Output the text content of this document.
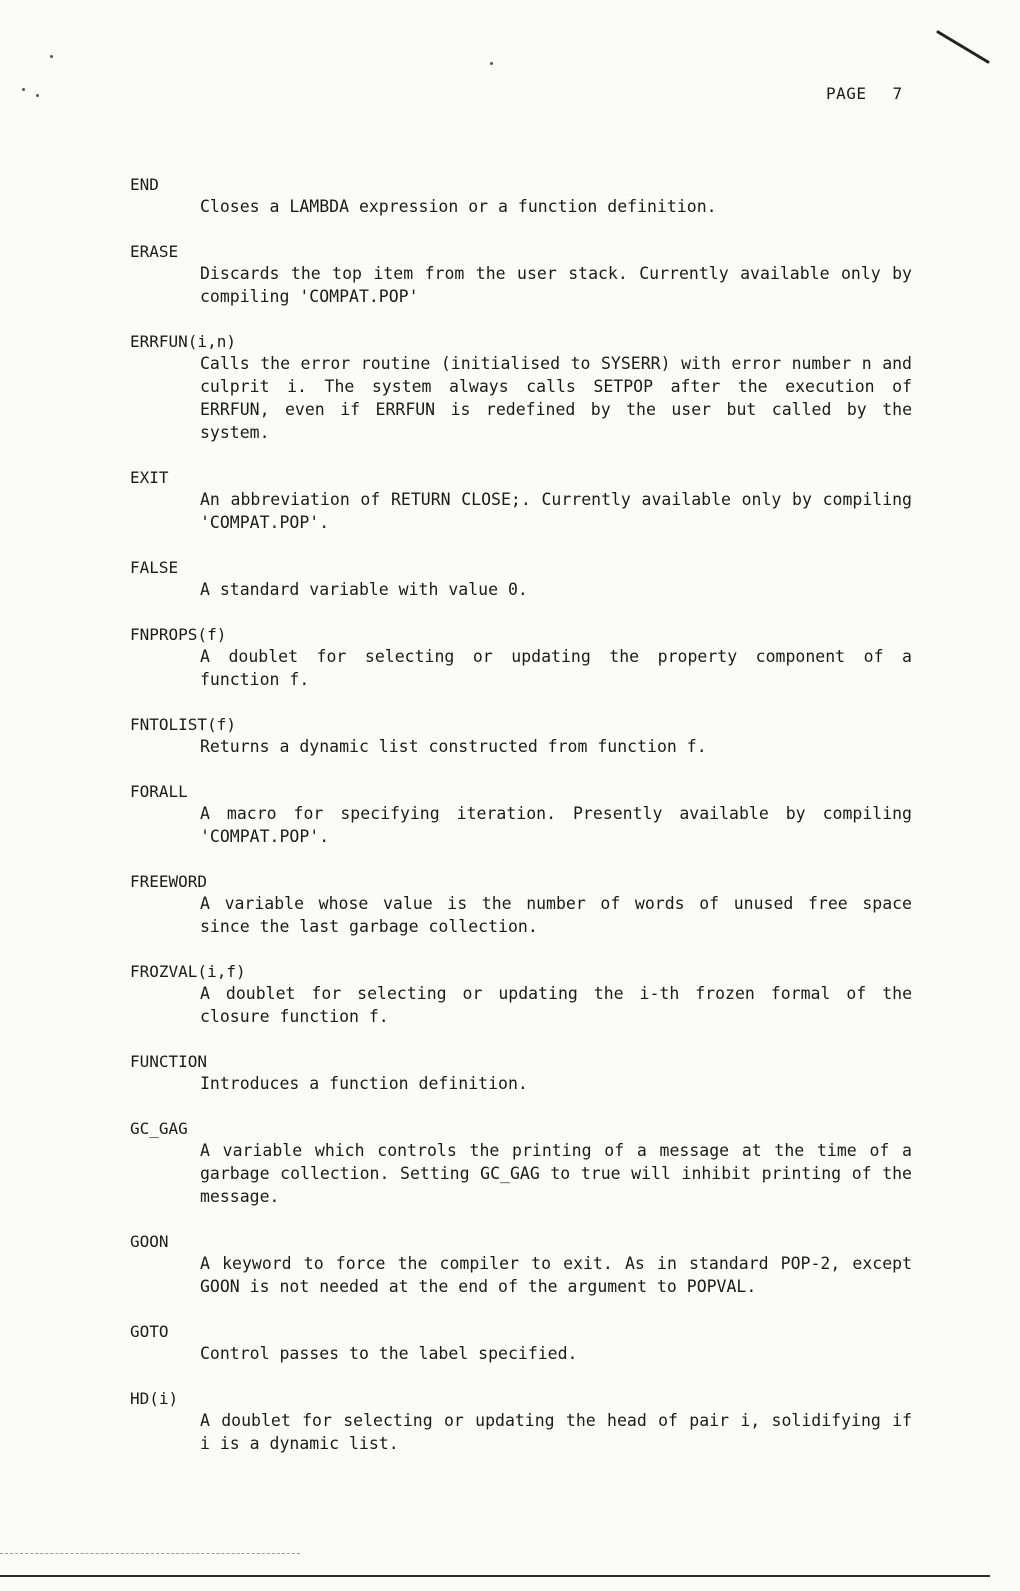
PAGE 7
END
Closes a LAMBDA expression or a function definition.
ERASE
Discards the top item from the user stack. Currently available only by compiling 'COMPAT.POP'
ERRFUN(i,n)
Calls the error routine (initialised to SYSERR) with error number n and culprit i. The system always calls SETPOP after the execution of ERRFUN, even if ERRFUN is redefined by the user but called by the system.
EXIT
An abbreviation of RETURN CLOSE;. Currently available only by compiling 'COMPAT.POP'.
FALSE
A standard variable with value 0.
FNPROPS(f)
A doublet for selecting or updating the property component of a function f.
FNTOLIST(f)
Returns a dynamic list constructed from function f.
FORALL
A macro for specifying iteration. Presently available by compiling 'COMPAT.POP'.
FREEWORD
A variable whose value is the number of words of unused free space since the last garbage collection.
FROZVAL(i,f)
A doublet for selecting or updating the i-th frozen formal of the closure function f.
FUNCTION
Introduces a function definition.
GC_GAG
A variable which controls the printing of a message at the time of a garbage collection. Setting GC_GAG to true will inhibit printing of the message.
GOON
A keyword to force the compiler to exit. As in standard POP-2, except GOON is not needed at the end of the argument to POPVAL.
GOTO
Control passes to the label specified.
HD(i)
A doublet for selecting or updating the head of pair i, solidifying if i is a dynamic list.
